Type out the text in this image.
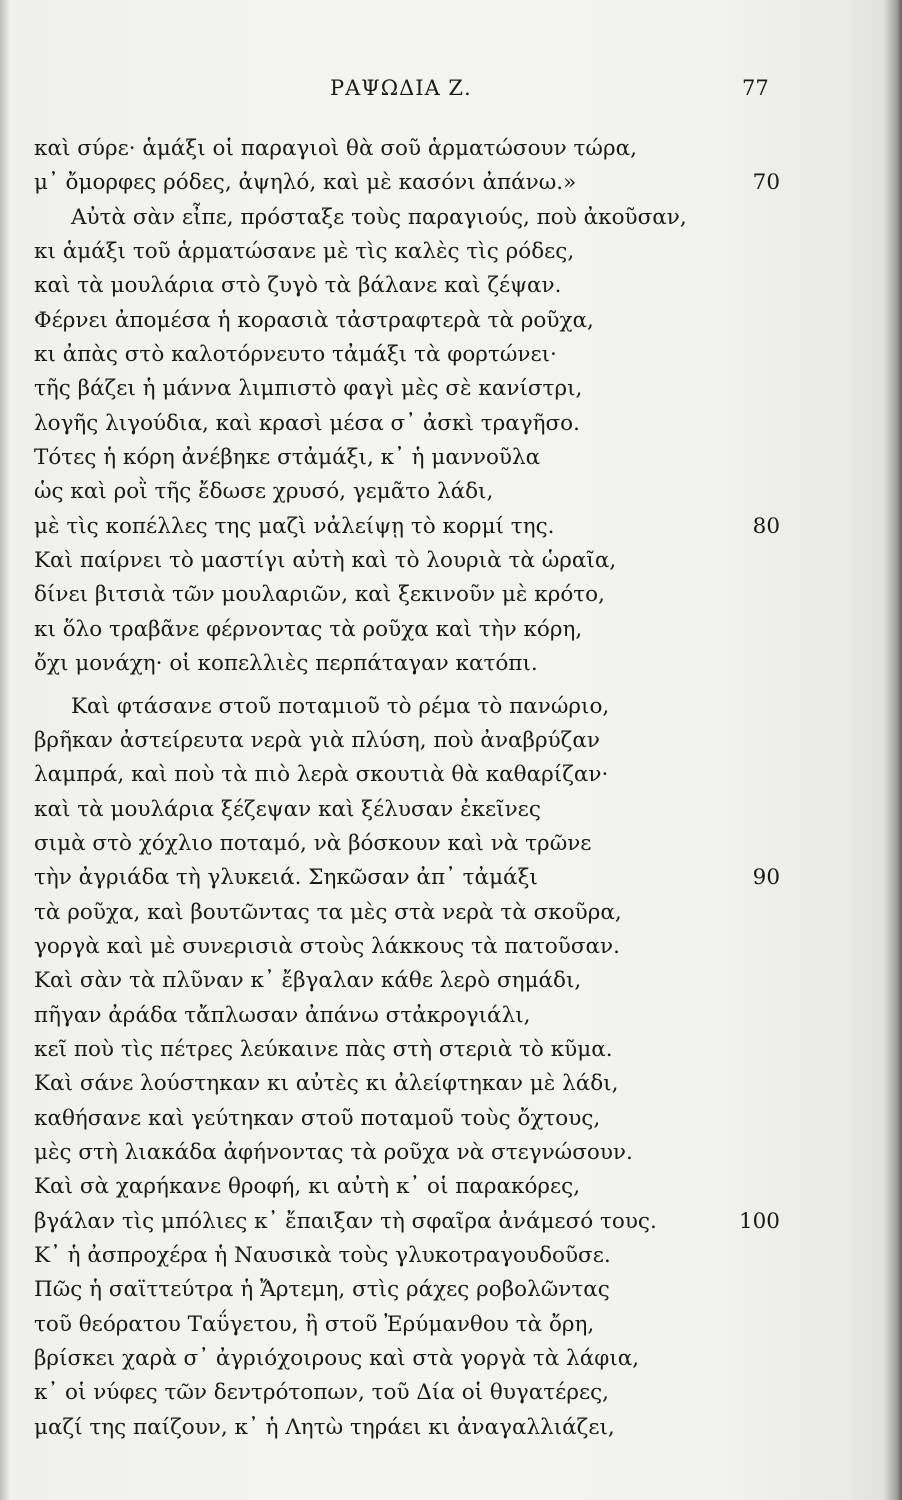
ΡΑΨΩΔΙΑ Ζ.	77
καὶ σύρε· ἁμάξι οἱ παραγιοὶ θὰ σοῦ ἁρματώσουν τώρα,
μ᾽ ὄμορφες ρόδες, ἀψηλό, καὶ μὲ κασόνι ἀπάνω.»	70
Αὐτὰ σὰν εἶπε, πρόσταξε τοὺς παραγιούς, ποὺ ἀκοῦσαν,
κι ἁμάξι τοῦ ἁρματώσανε μὲ τὶς καλὲς τὶς ρόδες,
καὶ τὰ μουλάρια στὸ ζυγὸ τὰ βάλανε καὶ ζέψαν.
Φέρνει ἀπομέσα ἡ κορασιὰ τἀστραφτερὰ τὰ ροῦχα,
κι ἀπὰς στὸ καλοτόρνευτο τἀμάξι τὰ φορτώνει·
τῆς βάζει ἡ μάννα λιμπιστὸ φαγὶ μὲς σὲ κανίστρι,
λογῆς λιγούδια, καὶ κρασὶ μέσα σ᾽ ἀσκὶ τραγῆσο.
Τότες ἡ κόρη ἀνέβηκε στἀμάξι, κ᾽ ἡ μαννοῦλα
ὡς καὶ ροῒ τῆς ἔδωσε χρυσό, γεμᾶτο λάδι,
μὲ τὶς κοπέλλες της μαζὶ νἀλείψῃ τὸ κορμί της.	80
Καὶ παίρνει τὸ μαστίγι αὐτὴ καὶ τὸ λουριὰ τὰ ὡραῖα,
δίνει βιτσιὰ τῶν μουλαριῶν, καὶ ξεκινοῦν μὲ κρότο,
κι ὅλο τραβᾶνε φέρνοντας τὰ ροῦχα καὶ τὴν κόρη,
ὄχι μονάχη· οἱ κοπελλιὲς περπάταγαν κατόπι.
Καὶ φτάσανε στοῦ ποταμιοῦ τὸ ρέμα τὸ πανώριο,
βρῆκαν ἀστείρευτα νερὰ γιὰ πλύση, ποὺ ἀναβρύζαν
λαμπρά, καὶ ποὺ τὰ πιὸ λερὰ σκουτιὰ θὰ καθαρίζαν·
καὶ τὰ μουλάρια ξέζεψαν καὶ ξέλυσαν ἐκεῖνες
σιμὰ στὸ χόχλιο ποταμό, νὰ βόσκουν καὶ νὰ τρῶνε
τὴν ἀγριάδα τὴ γλυκειά. Σηκῶσαν ἀπ᾽ τἀμάξι	90
τὰ ροῦχα, καὶ βουτῶντας τα μὲς στὰ νερὰ τὰ σκοῦρα,
γοργὰ καὶ μὲ συνερισιὰ στοὺς λάκκους τὰ πατοῦσαν.
Καὶ σὰν τὰ πλῦναν κ᾽ ἔβγαλαν κάθε λερὸ σημάδι,
πῆγαν ἀράδα τἄπλωσαν ἀπάνω στἀκρογιάλι,
κεῖ ποὺ τὶς πέτρες λεύκαινε πὰς στὴ στεριὰ τὸ κῦμα.
Καὶ σάνε λούστηκαν κι αὐτὲς κι ἀλείφτηκαν μὲ λάδι,
καθήσανε καὶ γεύτηκαν στοῦ ποταμοῦ τοὺς ὄχτους,
μὲς στὴ λιακάδα ἀφήνοντας τὰ ροῦχα νὰ στεγνώσουν.
Καὶ σὰ χαρήκανε θροφή, κι αὐτὴ κ᾽ οἱ παρακόρες,
βγάλαν τὶς μπόλιες κ᾽ ἔπαιξαν τὴ σφαῖρα ἀνάμεσό τους.	100
Κ᾽ ἡ ἀσπροχέρα ἡ Ναυσικὰ τοὺς γλυκοτραγουδοῦσε.
Πῶς ἡ σαϊττεύτρα ἡ Ἄρτεμη, στὶς ράχες ροβολῶντας
τοῦ θεόρατου Ταΰγετου, ἢ στοῦ Ἐρύμανθου τὰ ὄρη,
βρίσκει χαρὰ σ᾽ ἀγριόχοιρους καὶ στὰ γοργὰ τὰ λάφια,
κ᾽ οἱ νύφες τῶν δεντρότοπων, τοῦ Δία οἱ θυγατέρες,
μαζί της παίζουν, κ᾽ ἡ Λητὼ τηράει κι ἀναγαλλιάζει,
